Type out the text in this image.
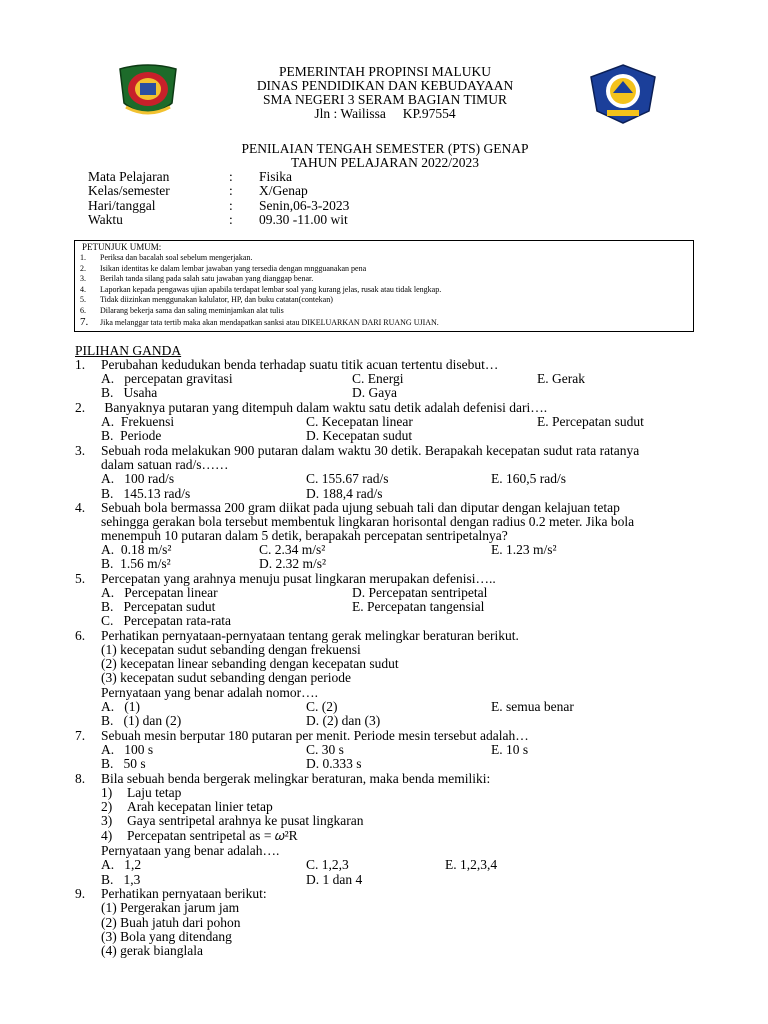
PEMERINTAH PROPINSI MALUKU
DINAS PENDIDIKAN DAN KEBUDAYAAN
SMA NEGERI 3 SERAM BAGIAN TIMUR
Jln : Wailissa     KP.97554
PENILAIAN TENGAH SEMESTER (PTS) GENAP
TAHUN PELAJARAN 2022/2023
Mata Pelajaran	: Fisika
Kelas/semester	: X/Genap
Hari/tanggal	: Senin,06-3-2023
Waktu	: 09.30 -11.00 wit
PETUNJUK UMUM:
1.	Periksa dan bacalah soal sebelum mengerjakan.
2.	Isikan identitas ke dalam lembar jawaban yang tersedia dengan mngguanakan pena
3.	Berilah tanda silang pada salah satu jawaban yang dianggap benar.
4.	Laporkan kepada pengawas ujian apabila terdapat lembar soal yang kurang jelas, rusak atau tidak lengkap.
5.	Tidak diizinkan menggunakan kalulator, HP, dan buku catatan(contekan)
6.	Dilarang bekerja sama dan saling meminjamkan alat tulis
7.	Jika melanggar tata tertib maka akan mendapatkan sanksi atau DIKELUARKAN DARI RUANG UJIAN.
PILIHAN GANDA
1. Perubahan kedudukan benda terhadap suatu titik acuan tertentu disebut…
A.   percepatan gravitasi	C. Energi	E. Gerak
B.   Usaha	D. Gaya
2. Banyaknya putaran yang ditempuh dalam waktu satu detik adalah defenisi dari….
A.  Frekuensi	C. Kecepatan linear	E. Percepatan sudut
B.  Periode	D. Kecepatan sudut
3. Sebuah roda melakukan 900 putaran dalam waktu 30 detik. Berapakah kecepatan sudut rata ratanya
dalam satuan rad/s……
A.   100 rad/s	C. 155.67 rad/s	E. 160,5 rad/s
B.   145.13 rad/s	D. 188,4 rad/s
4. Sebuah bola bermassa 200 gram diikat pada ujung sebuah tali dan diputar dengan kelajuan tetap
sehingga gerakan bola tersebut membentuk lingkaran horisontal dengan radius 0.2 meter. Jika bola
menempuh 10 putaran dalam 5 detik, berapakah percepatan sentripetalnya?
A.  0.18 m/s²	C. 2.34 m/s²	E. 1.23 m/s²
B.  1.56 m/s²	D. 2.32 m/s²
5. Percepatan yang arahnya menuju pusat lingkaran merupakan defenisi…..
A.   Percepatan linear	D. Percepatan sentripetal
B.   Percepatan sudut	E. Percepatan tangensial
C.   Percepatan rata-rata
6. Perhatikan pernyataan-pernyataan tentang gerak melingkar beraturan berikut.
(1) kecepatan sudut sebanding dengan frekuensi
(2) kecepatan linear sebanding dengan kecepatan sudut
(3) kecepatan sudut sebanding dengan periode
Pernyataan yang benar adalah nomor….
A.   (1)	C. (2)	E. semua benar
B.   (1) dan (2)	D. (2) dan (3)
7. Sebuah mesin berputar 180 putaran per menit. Periode mesin tersebut adalah…
A.   100 s	C. 30 s	E. 10 s
B.   50 s	D. 0.333 s
8. Bila sebuah benda bergerak melingkar beraturan, maka benda memiliki:
1) Laju tetap
2) Arah kecepatan linier tetap
3) Gaya sentripetal arahnya ke pusat lingkaran
4) Percepatan sentripetal as = 𝜔²R
Pernyataan yang benar adalah….
A.   1,2	C. 1,2,3	E. 1,2,3,4
B.   1,3	D. 1 dan 4
9. Perhatikan pernyataan berikut:
(1) Pergerakan jarum jam
(2) Buah jatuh dari pohon
(3) Bola yang ditendang
(4) gerak bianglala
